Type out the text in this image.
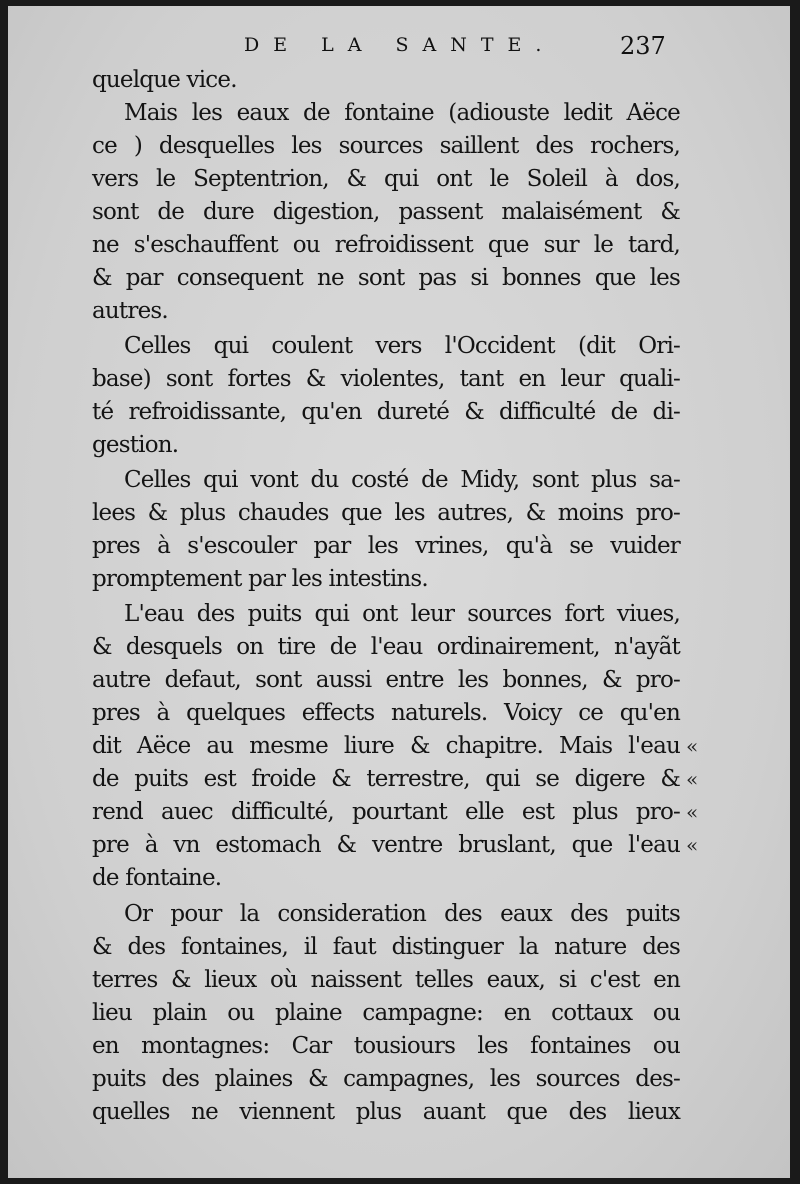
DE LA SANTE.	237
quelque vice.
Mais les eaux de fontaine (adiouste ledit Aëce
ce ) desquelles les sources saillent des rochers,
vers le Septentrion, & qui ont le Soleil à dos,
sont de dure digestion, passent malaisément &
ne s'eschauffent ou refroidissent que sur le tard,
& par consequent ne sont pas si bonnes que les
autres.
Celles qui coulent vers l'Occident (dit Ori-
base) sont fortes & violentes, tant en leur quali-
té refroidissante, qu'en dureté & difficulté de di-
gestion.
Celles qui vont du costé de Midy, sont plus sa-
lees & plus chaudes que les autres, & moins pro-
pres à s'escouler par les vrines, qu'à se vuider
promptement par les intestins.
L'eau des puits qui ont leur sources fort viues,
& desquels on tire de l'eau ordinairement, n'ayãt
autre defaut, sont aussi entre les bonnes, & pro-
pres à quelques effects naturels. Voicy ce qu'en
dit Aëce au mesme liure & chapitre. Mais l'eau
de puits est froide & terrestre, qui se digere &
rend auec difficulté, pourtant elle est plus pro-
pre à vn estomach & ventre bruslant, que l'eau
de fontaine.
Or pour la consideration des eaux des puits
& des fontaines, il faut distinguer la nature des
terres & lieux où naissent telles eaux, si c'est en
lieu plain ou plaine campagne: en cottaux ou
en montagnes: Car tousiours les fontaines ou
puits des plaines & campagnes, les sources des-
quelles ne viennent plus auant que des lieux
«
«
«
«
